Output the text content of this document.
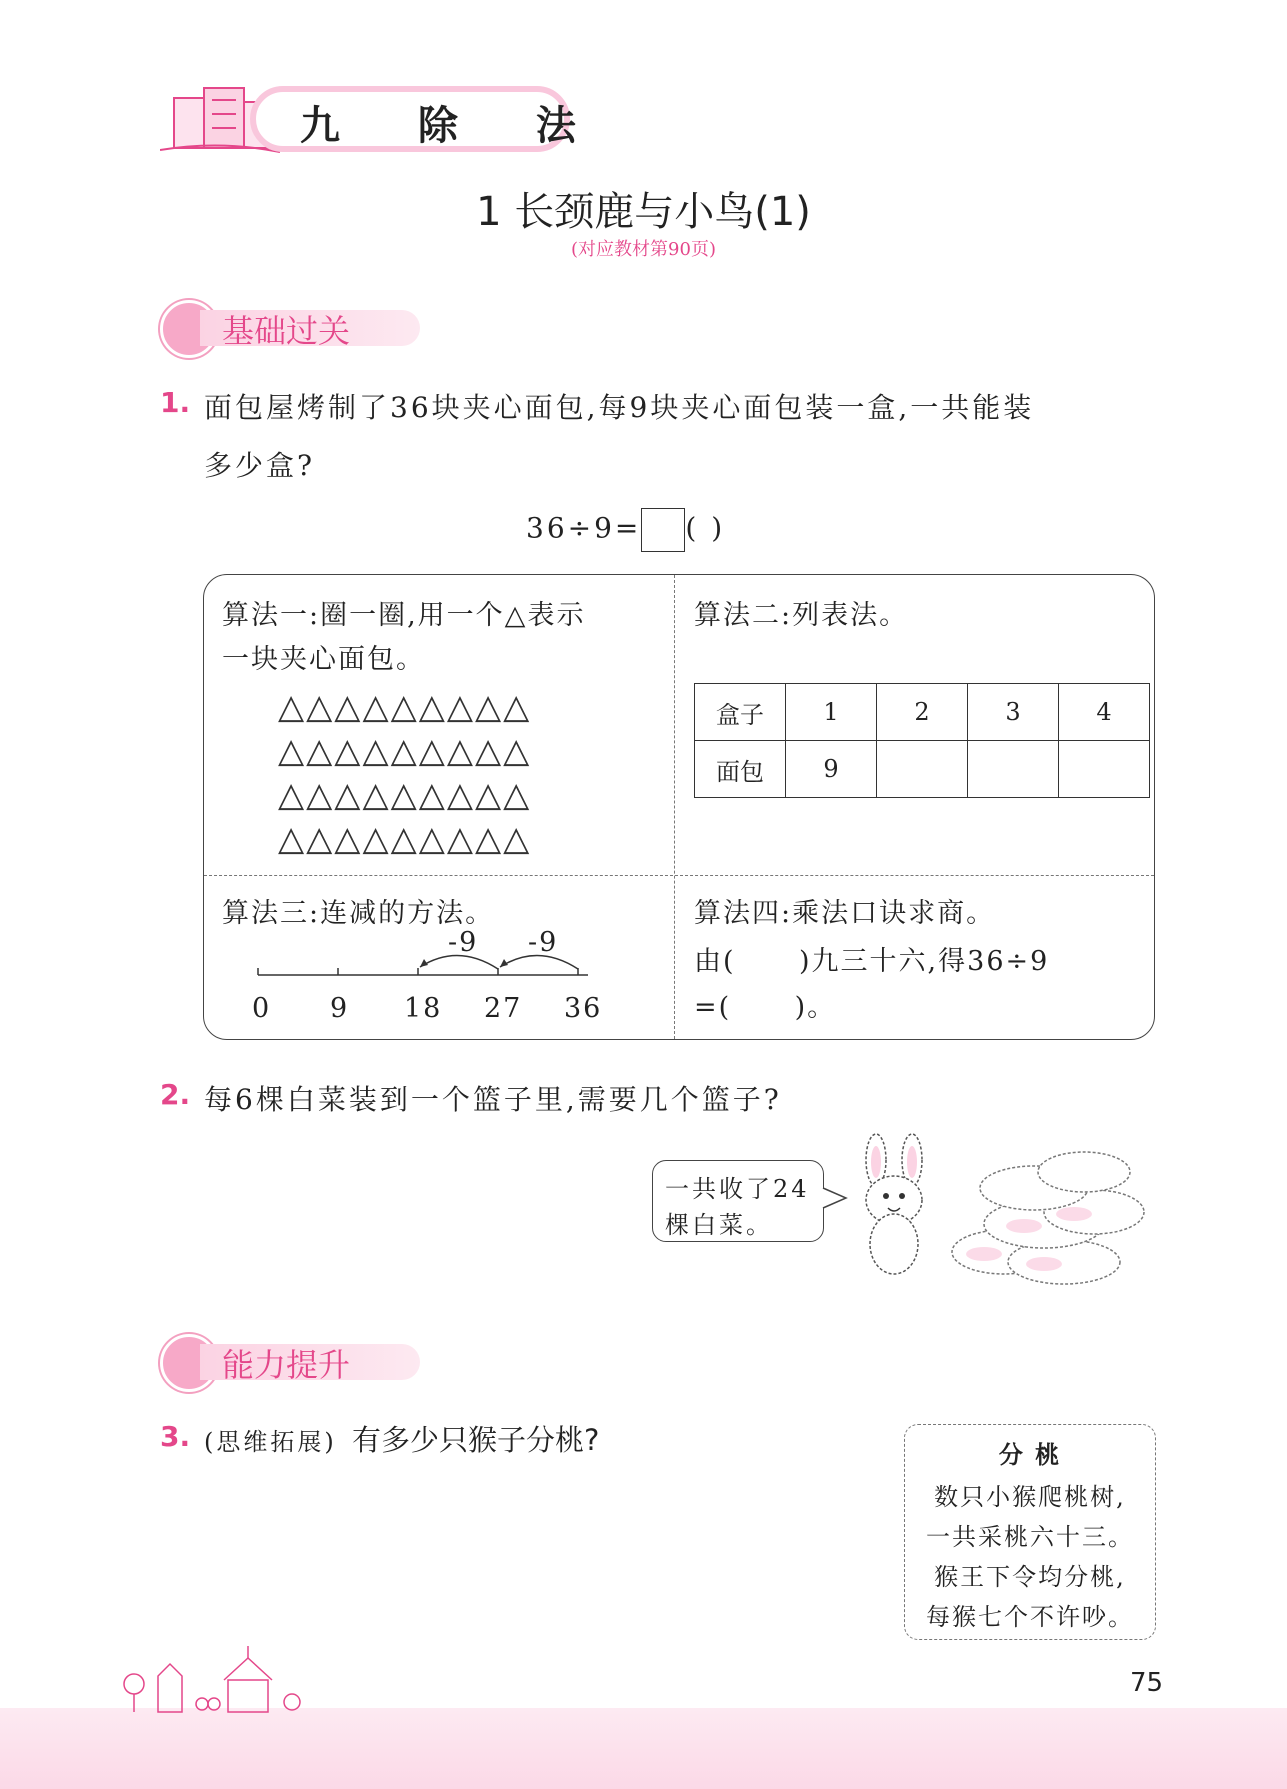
九 除 法
1 长颈鹿与小鸟(1)
(对应教材第90页)
基础过关
1. 面包屋烤制了36块夹心面包,每9块夹心面包装一盒,一共能装
多少盒?
36÷9= ( )
算法一:圈一圈,用一个△表示
一块夹心面包。
△△△△△△△△△
△△△△△△△△△
△△△△△△△△△
△△△△△△△△△
算法二:列表法。
盒子	1	2	3	4
面包	9			
算法三:连减的方法。
-9 -9
0 9 18 27 36
算法四:乘法口诀求商。
由(      )九三十六,得36÷9
=(      )。
2. 每6棵白菜装到一个篮子里,需要几个篮子?
一共收了24
棵白菜。
能力提升
3. (思维拓展) 有多少只猴子分桃?	分 桃
数只小猴爬桃树,
一共采桃六十三。
猴王下令均分桃,
每猴七个不许吵。
75
